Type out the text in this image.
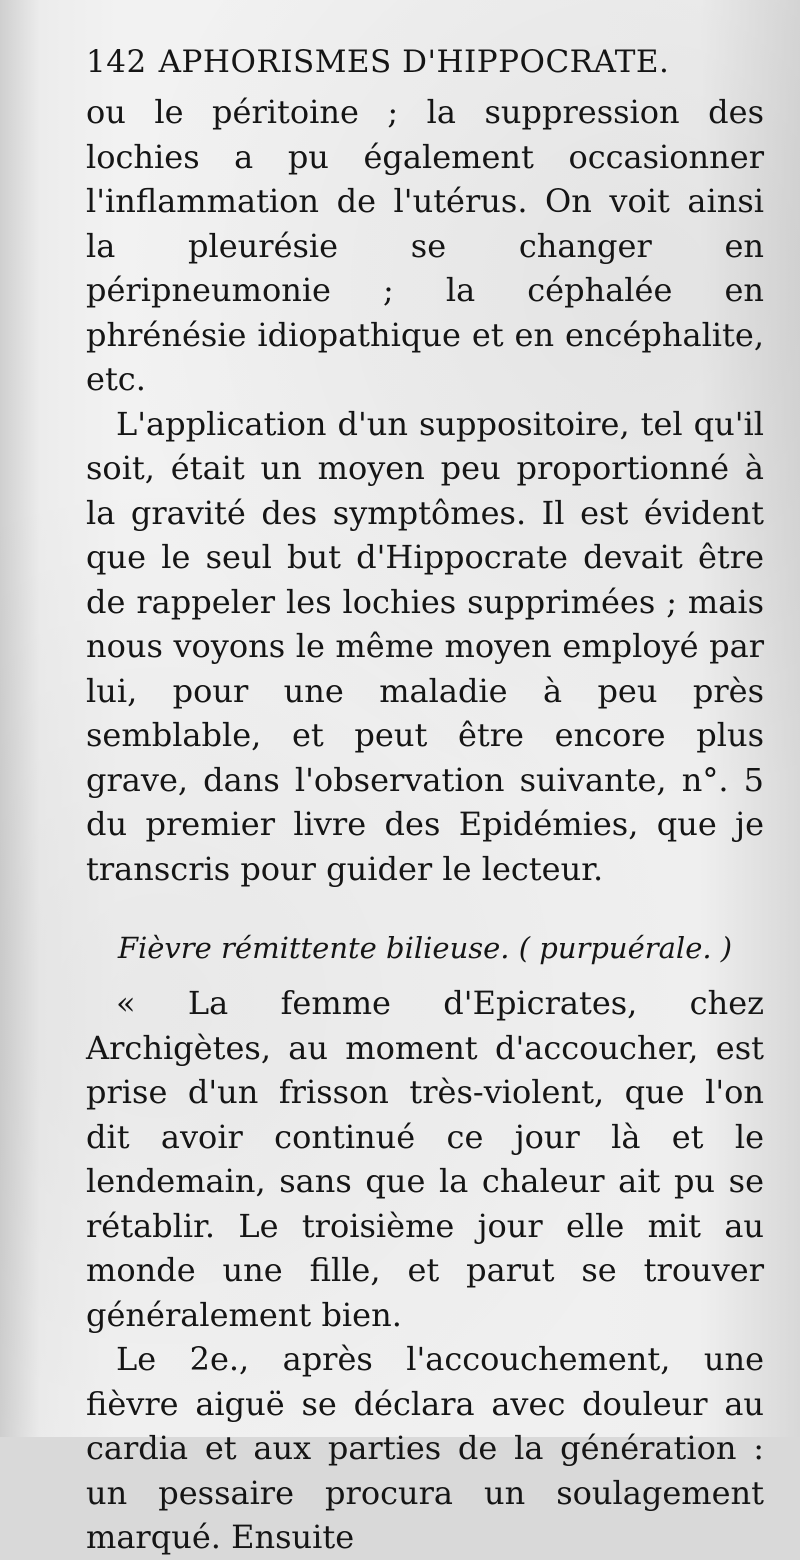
142 APHORISMES D'HIPPOCRATE.

ou le péritoine ; la suppression des lochies a pu également occasionner l'inflammation de l'utérus. On voit ainsi la pleurésie se changer en péripneumonie ; la céphalée en phrénésie idiopathique et en encéphalite, etc.

L'application d'un suppositoire, tel qu'il soit, était un moyen peu proportionné à la gravité des symptômes. Il est évident que le seul but d'Hippocrate devait être de rappeler les lochies supprimées ; mais nous voyons le même moyen employé par lui, pour une maladie à peu près semblable, et peut être encore plus grave, dans l'observation suivante, n°. 5 du premier livre des Epidémies, que je transcris pour guider le lecteur.

Fièvre rémittente bilieuse. ( purpuérale. )

« La femme d'Epicrates, chez Archigètes, au moment d'accoucher, est prise d'un frisson très-violent, que l'on dit avoir continué ce jour là et le lendemain, sans que la chaleur ait pu se rétablir. Le troisième jour elle mit au monde une fille, et parut se trouver généralement bien.

Le 2e., après l'accouchement, une fièvre aiguë se déclara avec douleur au cardia et aux parties de la génération : un pessaire procura un soulagement marqué. Ensuite
